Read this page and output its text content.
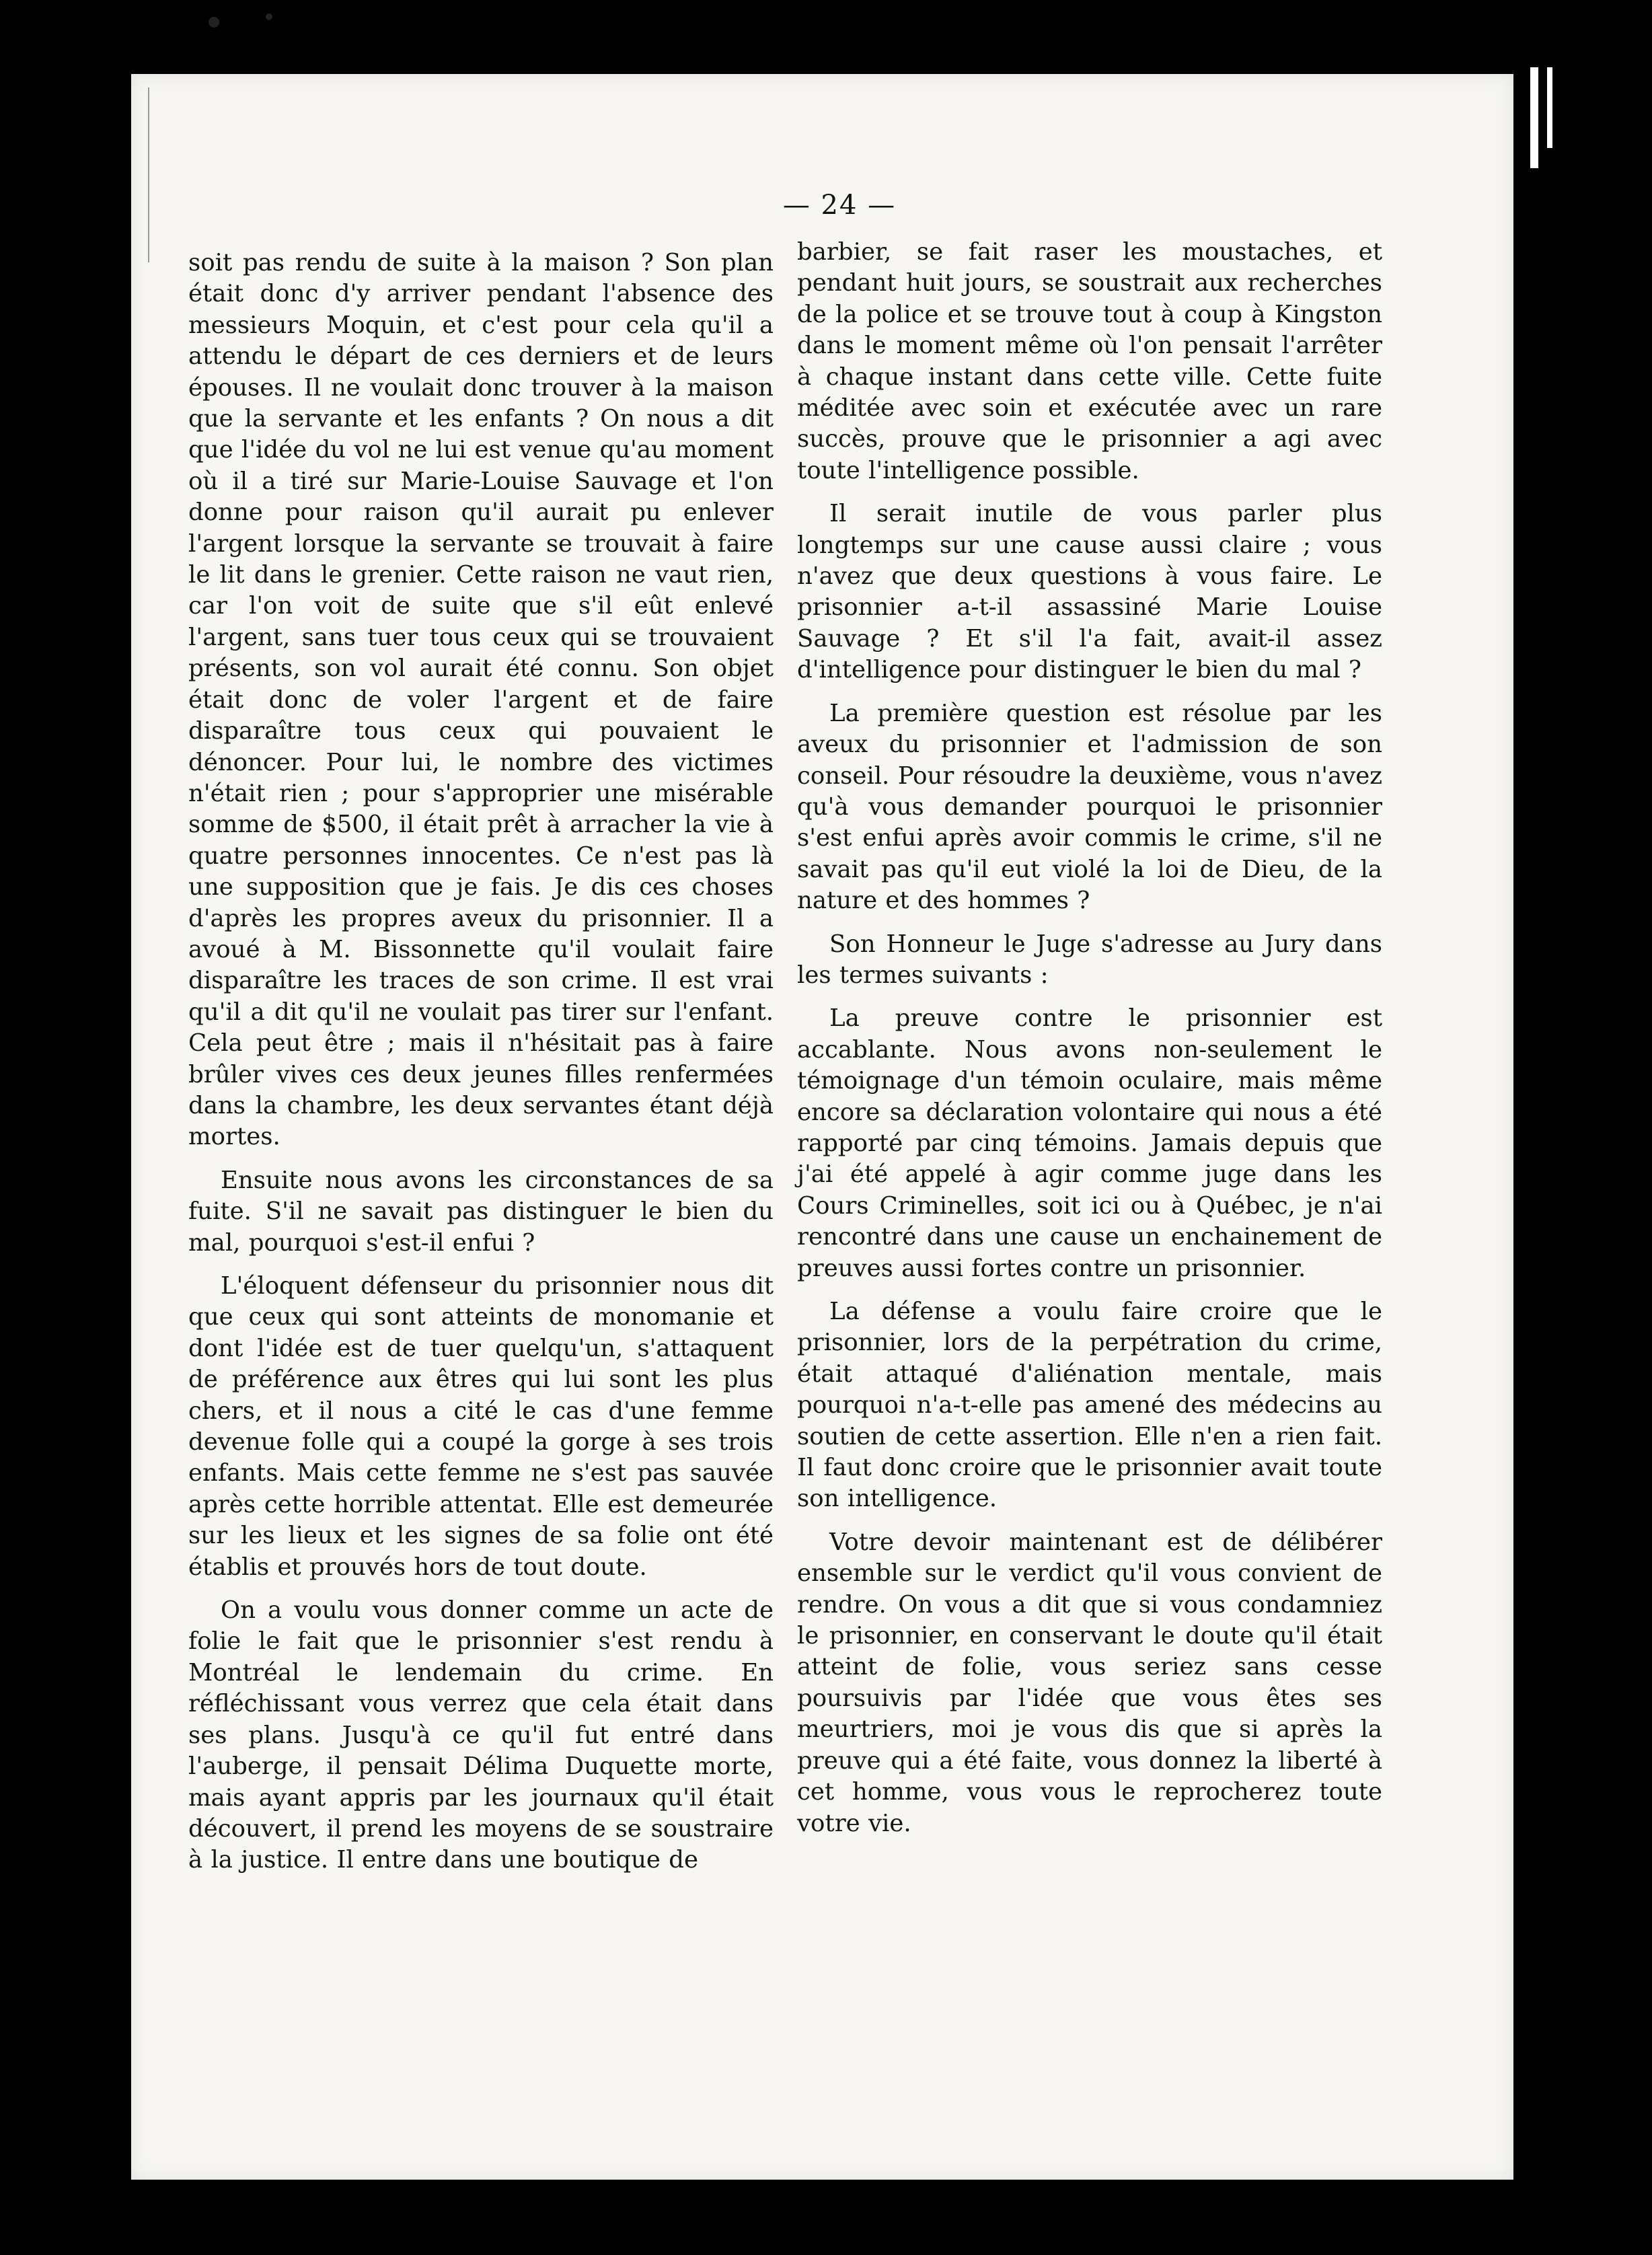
— 24 —

soit pas rendu de suite à la maison ? Son plan était donc d'y arriver pendant l'absence des messieurs Moquin, et c'est pour cela qu'il a attendu le départ de ces derniers et de leurs épouses. Il ne voulait donc trouver à la maison que la servante et les enfants ? On nous a dit que l'idée du vol ne lui est venue qu'au moment où il a tiré sur Marie-Louise Sauvage et l'on donne pour raison qu'il aurait pu enlever l'argent lorsque la servante se trouvait à faire le lit dans le grenier. Cette raison ne vaut rien, car l'on voit de suite que s'il eût enlevé l'argent, sans tuer tous ceux qui se trouvaient présents, son vol aurait été connu. Son objet était donc de voler l'argent et de faire disparaître tous ceux qui pouvaient le dénoncer. Pour lui, le nombre des victimes n'était rien ; pour s'approprier une misérable somme de $500, il était prêt à arracher la vie à quatre personnes innocentes. Ce n'est pas là une supposition que je fais. Je dis ces choses d'après les propres aveux du prisonnier. Il a avoué à M. Bissonnette qu'il voulait faire disparaître les traces de son crime. Il est vrai qu'il a dit qu'il ne voulait pas tirer sur l'enfant. Cela peut être ; mais il n'hésitait pas à faire brûler vives ces deux jeunes filles renfermées dans la chambre, les deux servantes étant déjà mortes.

Ensuite nous avons les circonstances de sa fuite. S'il ne savait pas distinguer le bien du mal, pourquoi s'est-il enfui ?

L'éloquent défenseur du prisonnier nous dit que ceux qui sont atteints de monomanie et dont l'idée est de tuer quelqu'un, s'attaquent de préférence aux êtres qui lui sont les plus chers, et il nous a cité le cas d'une femme devenue folle qui a coupé la gorge à ses trois enfants. Mais cette femme ne s'est pas sauvée après cette horrible attentat. Elle est demeurée sur les lieux et les signes de sa folie ont été établis et prouvés hors de tout doute.

On a voulu vous donner comme un acte de folie le fait que le prisonnier s'est rendu à Montréal le lendemain du crime. En réfléchissant vous verrez que cela était dans ses plans. Jusqu'à ce qu'il fut entré dans l'auberge, il pensait Délima Duquette morte, mais ayant appris par les journaux qu'il était découvert, il prend les moyens de se soustraire à la justice. Il entre dans une boutique de

barbier, se fait raser les moustaches, et pendant huit jours, se soustrait aux recherches de la police et se trouve tout à coup à Kingston dans le moment même où l'on pensait l'arrêter à chaque instant dans cette ville. Cette fuite méditée avec soin et exécutée avec un rare succès, prouve que le prisonnier a agi avec toute l'intelligence possible.

Il serait inutile de vous parler plus longtemps sur une cause aussi claire ; vous n'avez que deux questions à vous faire. Le prisonnier a-t-il assassiné Marie Louise Sauvage ? Et s'il l'a fait, avait-il assez d'intelligence pour distinguer le bien du mal ?

La première question est résolue par les aveux du prisonnier et l'admission de son conseil. Pour résoudre la deuxième, vous n'avez qu'à vous demander pourquoi le prisonnier s'est enfui après avoir commis le crime, s'il ne savait pas qu'il eut violé la loi de Dieu, de la nature et des hommes ?

Son Honneur le Juge s'adresse au Jury dans les termes suivants :

La preuve contre le prisonnier est accablante. Nous avons non-seulement le témoignage d'un témoin oculaire, mais même encore sa déclaration volontaire qui nous a été rapporté par cinq témoins. Jamais depuis que j'ai été appelé à agir comme juge dans les Cours Criminelles, soit ici ou à Québec, je n'ai rencontré dans une cause un enchainement de preuves aussi fortes contre un prisonnier.

La défense a voulu faire croire que le prisonnier, lors de la perpétration du crime, était attaqué d'aliénation mentale, mais pourquoi n'a-t-elle pas amené des médecins au soutien de cette assertion. Elle n'en a rien fait. Il faut donc croire que le prisonnier avait toute son intelligence.

Votre devoir maintenant est de délibérer ensemble sur le verdict qu'il vous convient de rendre. On vous a dit que si vous condamniez le prisonnier, en conservant le doute qu'il était atteint de folie, vous seriez sans cesse poursuivis par l'idée que vous êtes ses meurtriers, moi je vous dis que si après la preuve qui a été faite, vous donnez la liberté à cet homme, vous vous le reprocherez toute votre vie.
